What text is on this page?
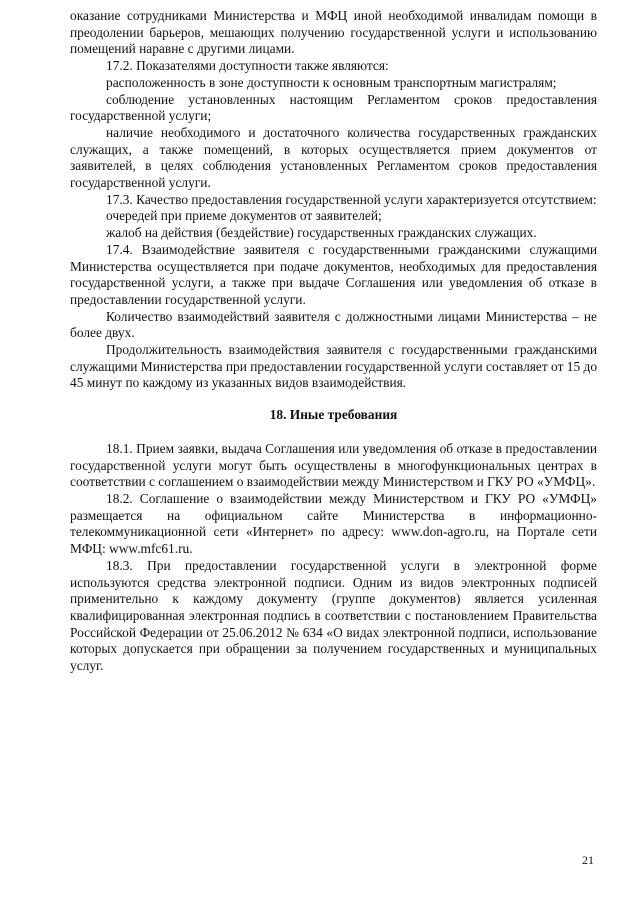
оказание сотрудниками Министерства и МФЦ иной необходимой инвалидам помощи в преодолении барьеров, мешающих получению государственной услуги и использованию помещений наравне с другими лицами.

17.2. Показателями доступности также являются:

расположенность в зоне доступности к основным транспортным магистралям;

соблюдение установленных настоящим Регламентом сроков предоставления государственной услуги;

наличие необходимого и достаточного количества государственных гражданских служащих, а также помещений, в которых осуществляется прием документов от заявителей, в целях соблюдения установленных Регламентом сроков предоставления государственной услуги.

17.3. Качество предоставления государственной услуги характеризуется отсутствием:

очередей при приеме документов от заявителей;

жалоб на действия (бездействие) государственных гражданских служащих.

17.4. Взаимодействие заявителя с государственными гражданскими служащими Министерства осуществляется при подаче документов, необходимых для предоставления государственной услуги, а также при выдаче Соглашения или уведомления об отказе в предоставлении государственной услуги.

Количество взаимодействий заявителя с должностными лицами Министерства – не более двух.

Продолжительность взаимодействия заявителя с государственными гражданскими служащими Министерства при предоставлении государственной услуги составляет от 15 до 45 минут по каждому из указанных видов взаимодействия.

18. Иные требования

18.1. Прием заявки, выдача Соглашения или уведомления об отказе в предоставлении государственной услуги могут быть осуществлены в многофункциональных центрах в соответствии с соглашением о взаимодействии между Министерством и ГКУ РО «УМФЦ».

18.2. Соглашение о взаимодействии между Министерством и ГКУ РО «УМФЦ» размещается на официальном сайте Министерства в информационно-телекоммуникационной сети «Интернет» по адресу: www.don-agro.ru, на Портале сети МФЦ: www.mfc61.ru.

18.3. При предоставлении государственной услуги в электронной форме используются средства электронной подписи. Одним из видов электронных подписей применительно к каждому документу (группе документов) является усиленная квалифицированная электронная подпись в соответствии с постановлением Правительства Российской Федерации от 25.06.2012 № 634 «О видах электронной подписи, использование которых допускается при обращении за получением государственных и муниципальных услуг.

21
